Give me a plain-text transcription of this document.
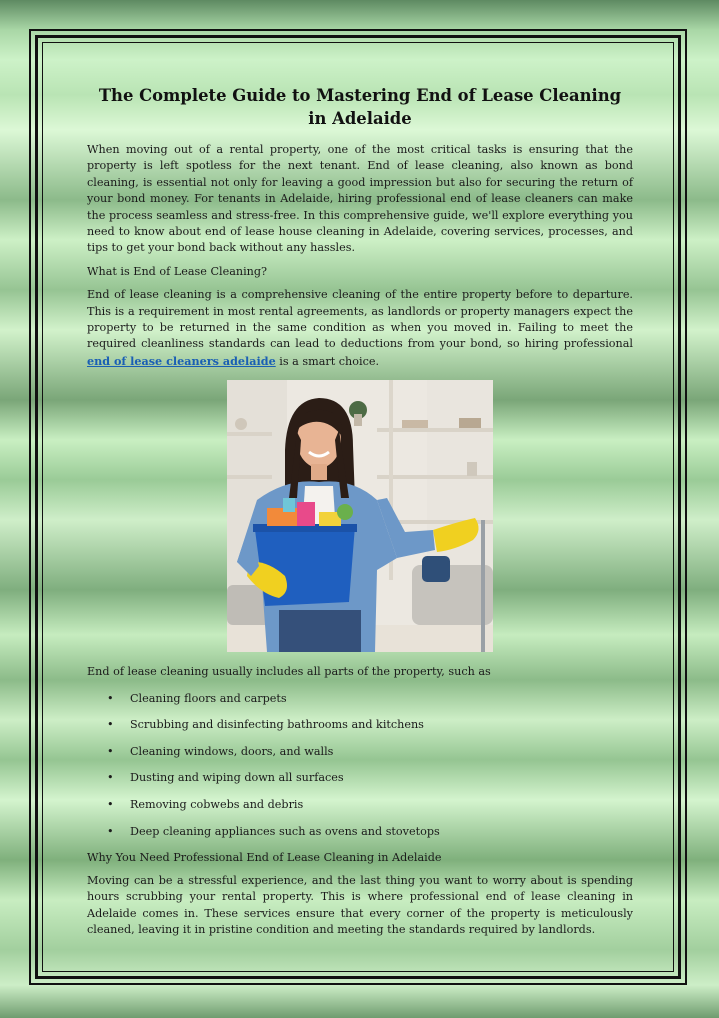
The Complete Guide to Mastering End of Lease Cleaning in Adelaide

When moving out of a rental property, one of the most critical tasks is ensuring that the property is left spotless for the next tenant. End of lease cleaning, also known as bond cleaning, is essential not only for leaving a good impression but also for securing the return of your bond money. For tenants in Adelaide, hiring professional end of lease cleaners can make the process seamless and stress-free. In this comprehensive guide, we'll explore everything you need to know about end of lease house cleaning in Adelaide, covering services, processes, and tips to get your bond back without any hassles.

What is End of Lease Cleaning?

End of lease cleaning is a comprehensive cleaning of the entire property before to departure. This is a requirement in most rental agreements, as landlords or property managers expect the property to be returned in the same condition as when you moved in. Failing to meet the required cleanliness standards can lead to deductions from your bond, so hiring professional end of lease cleaners adelaide is a smart choice.

End of lease cleaning usually includes all parts of the property, such as

• Cleaning floors and carpets
• Scrubbing and disinfecting bathrooms and kitchens
• Cleaning windows, doors, and walls
• Dusting and wiping down all surfaces
• Removing cobwebs and debris
• Deep cleaning appliances such as ovens and stovetops

Why You Need Professional End of Lease Cleaning in Adelaide

Moving can be a stressful experience, and the last thing you want to worry about is spending hours scrubbing your rental property. This is where professional end of lease cleaning in Adelaide comes in. These services ensure that every corner of the property is meticulously cleaned, leaving it in pristine condition and meeting the standards required by landlords.
